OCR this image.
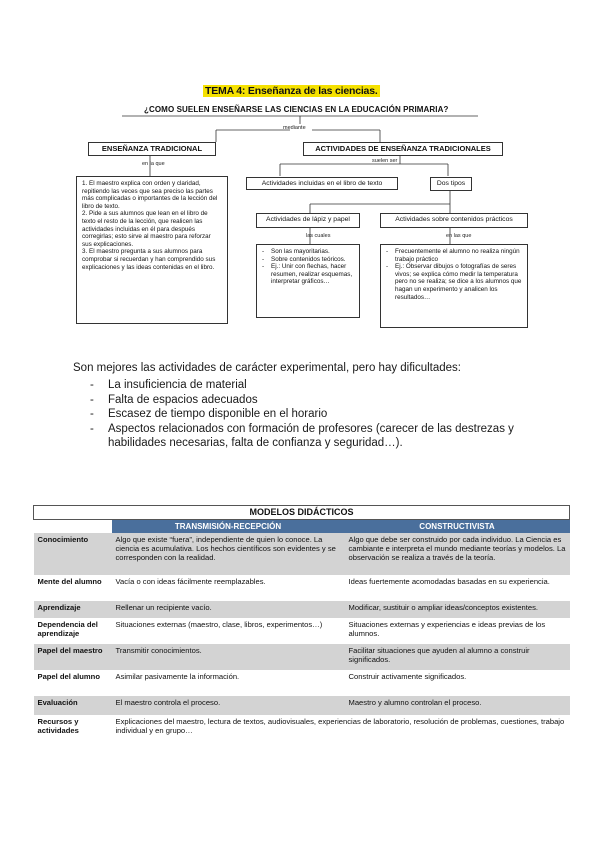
TEMA 4: Enseñanza de las ciencias.
¿COMO SUELEN ENSEÑARSE LAS CIENCIAS EN LA EDUCACIÓN PRIMARIA?
mediante
ENSEÑANZA TRADICIONAL	ACTIVIDADES DE ENSEÑANZA TRADICIONALES
en la que	suelen ser
1. El maestro explica con orden y claridad, repitiendo las veces que sea preciso las partes más complicadas o importantes de la lección del libro de texto.
2. Pide a sus alumnos que lean en el libro de texto el resto de la lección, que realicen las actividades incluidas en él para después corregirlas; esto sirve al maestro para reforzar sus explicaciones.
3. El maestro pregunta a sus alumnos para comprobar si recuerdan y han comprendido sus explicaciones y las ideas contenidas en el libro.
Actividades incluidas en el libro de texto	Dos tipos
Actividades de lápiz y papel	Actividades sobre contenidos prácticos
las cuales	en las que
- Son las mayoritarias.
- Sobre contenidos teóricos.
- Ej.: Unir con flechas, hacer resumen, realizar esquemas, interpretar gráficos…
- Frecuentemente el alumno no realiza ningún trabajo práctico
- Ej.: Observar dibujos o fotografías de seres vivos; se explica cómo medir la temperatura pero no se realiza; se dice a los alumnos que hagan un experimento y analicen los resultados…
Son mejores las actividades de carácter experimental, pero hay dificultades:
- La insuficiencia de material
- Falta de espacios adecuados
- Escasez de tiempo disponible en el horario
- Aspectos relacionados con formación de profesores (carecer de las destrezas y habilidades necesarias, falta de confianza y seguridad…).
MODELOS DIDÁCTICOS		
	TRANSMISIÓN-RECEPCIÓN	CONSTRUCTIVISTA
Conocimiento	Algo que existe “fuera”, independiente de quien lo conoce. La ciencia es acumulativa. Los hechos científicos son evidentes y se corresponden con la realidad.	Algo que debe ser construido por cada individuo. La Ciencia es cambiante e interpreta el mundo mediante teorías y modelos. La observación se realiza a través de la teoría.
Mente del alumno	Vacía o con ideas fácilmente reemplazables.	Ideas fuertemente acomodadas basadas en su experiencia.
Aprendizaje	Rellenar un recipiente vacío.	Modificar, sustituir o ampliar ideas/conceptos existentes.
Dependencia del aprendizaje	Situaciones externas (maestro, clase, libros, experimentos…)	Situaciones externas y experiencias e ideas previas de los alumnos.
Papel del maestro	Transmitir conocimientos.	Facilitar situaciones que ayuden al alumno a construir significados.
Papel del alumno	Asimilar pasivamente la información.	Construir activamente significados.
Evaluación	El maestro controla el proceso.	Maestro y alumno controlan el proceso.
Recursos y actividades	Explicaciones del maestro, lectura de textos, audiovisuales, experiencias de laboratorio, resolución de problemas, cuestiones, trabajo individual y en grupo…	
